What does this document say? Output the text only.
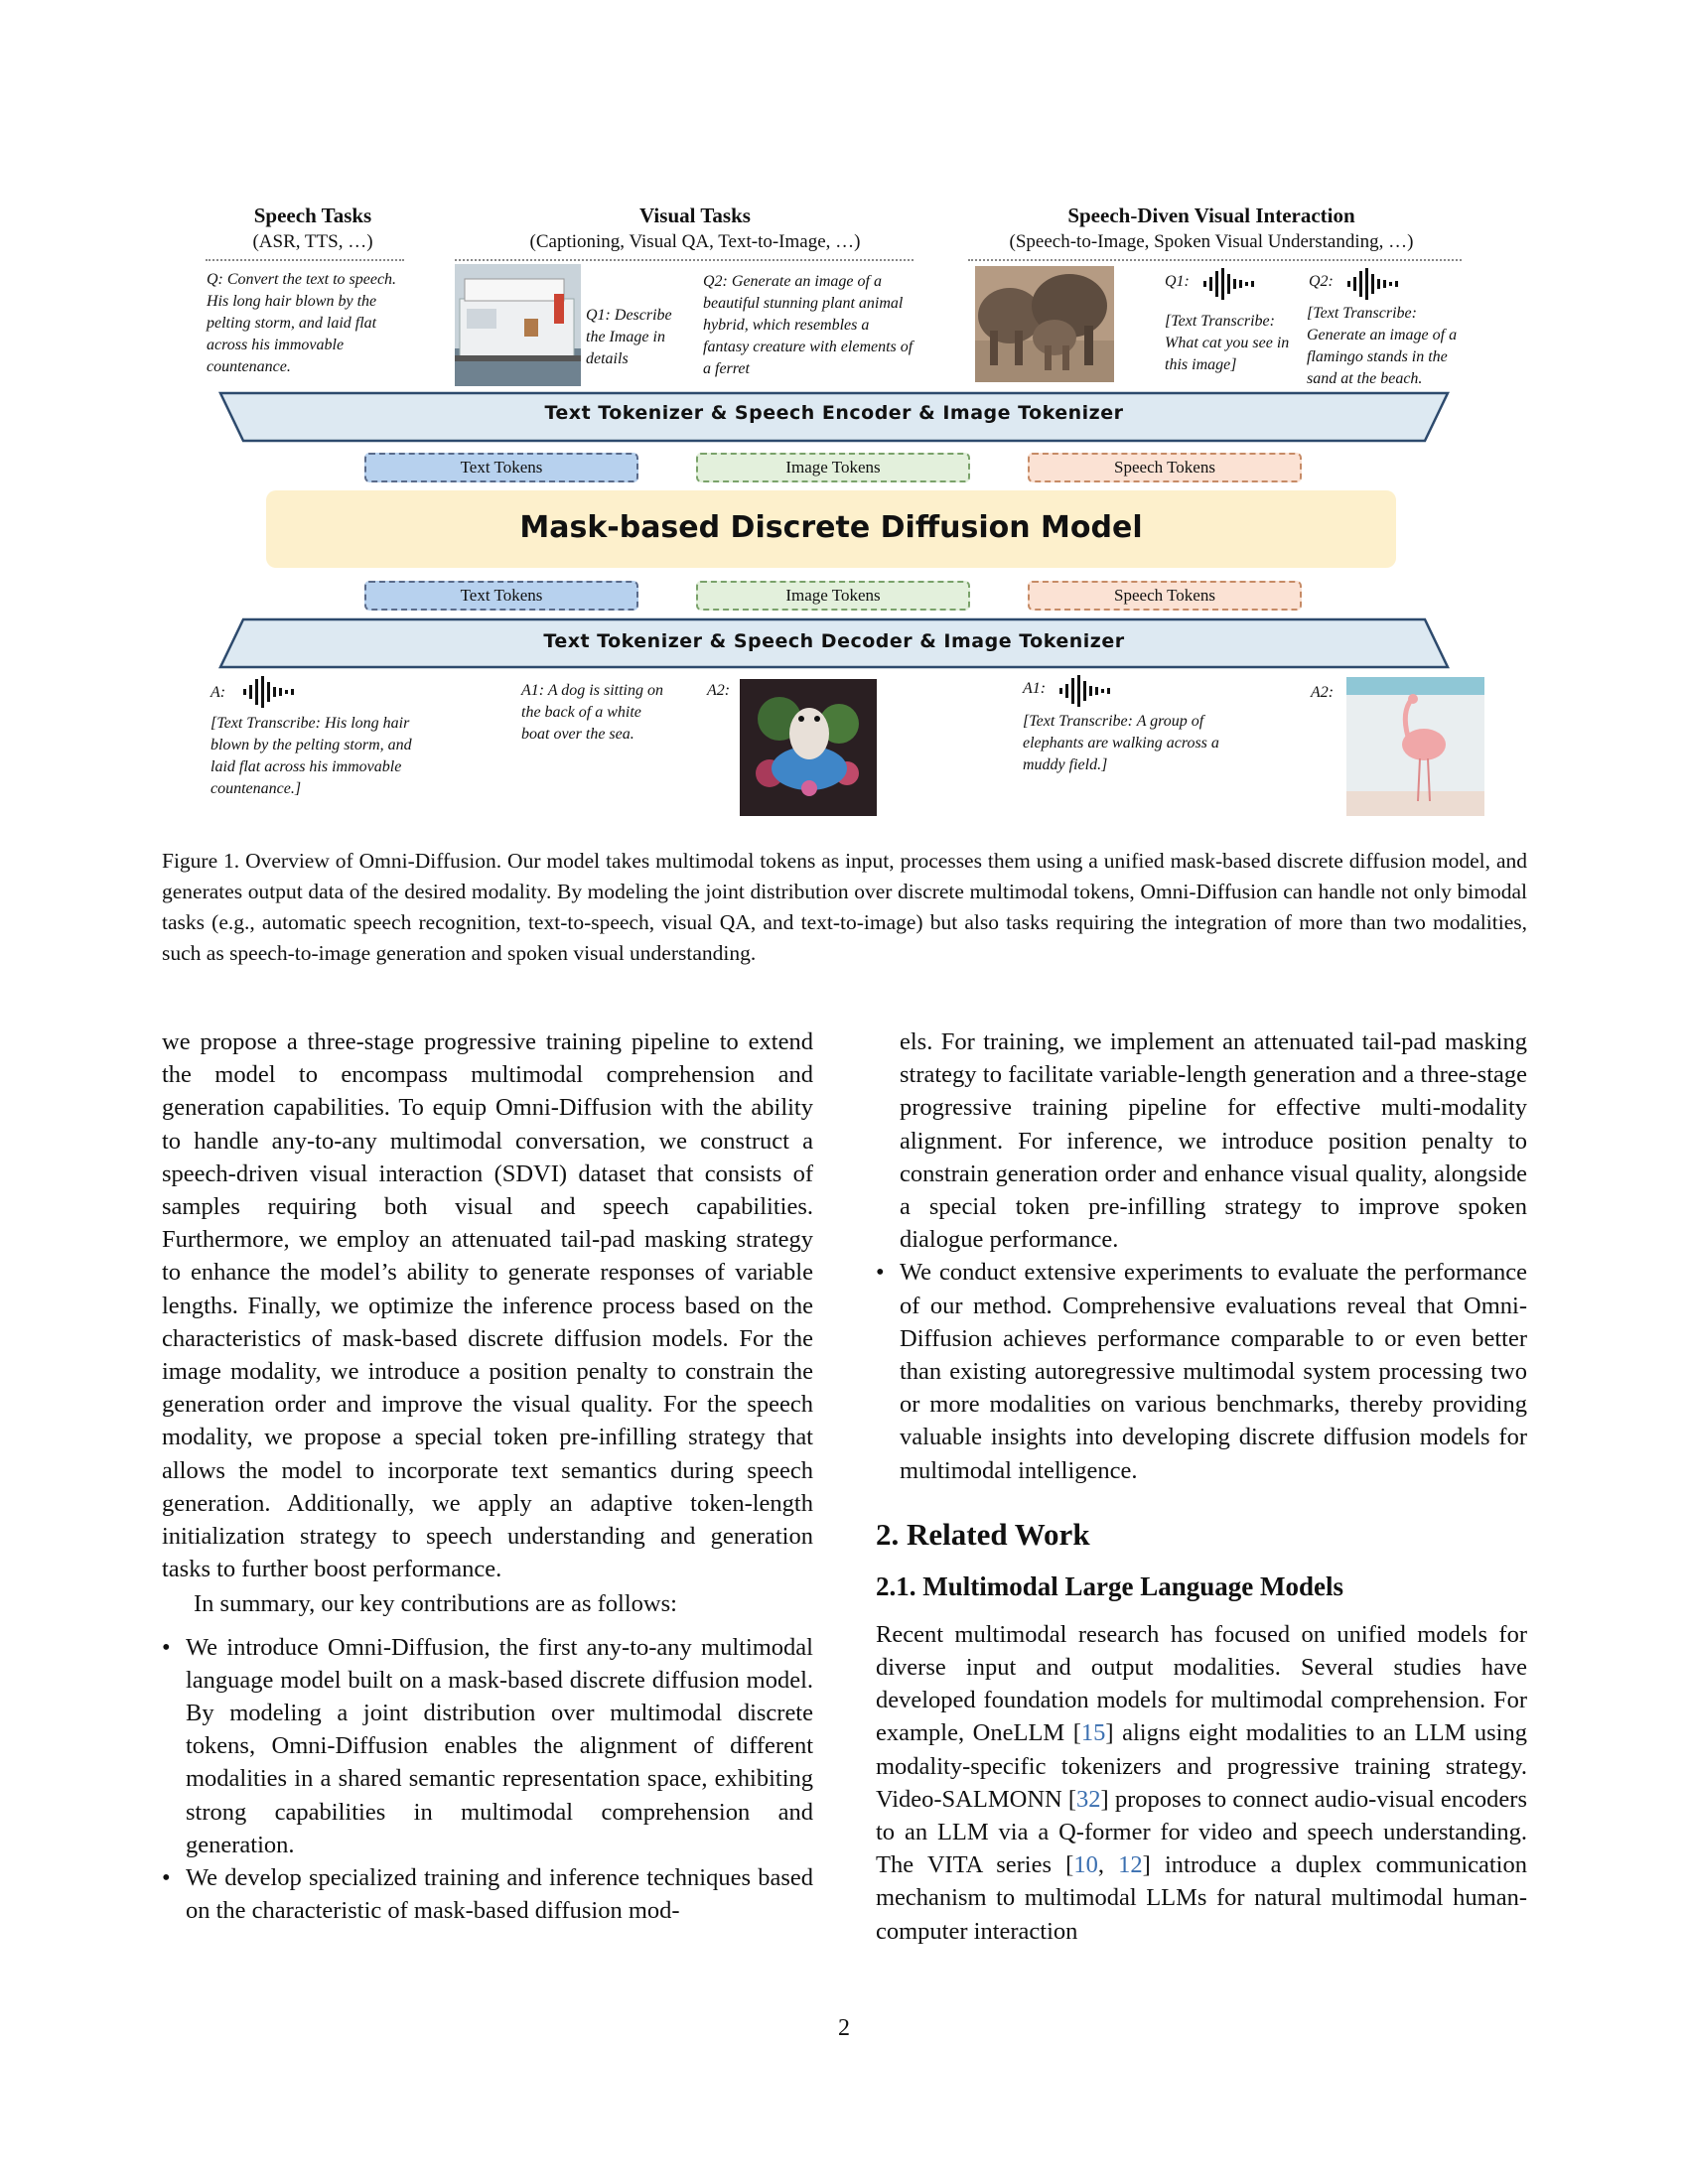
Speech Tasks
(ASR, TTS, …)
Visual Tasks
(Captioning, Visual QA, Text-to-Image, …)
Speech-Diven Visual Interaction
(Speech-to-Image, Spoken Visual Understanding, …)
Q: Convert the text to speech. His long hair blown by the pelting storm, and laid flat across his immovable countenance.
Q1: Describe the Image in details
Q2: Generate an image of a beautiful stunning plant animal hybrid, which resembles a fantasy creature with elements of a ferret
Q1:
[Text Transcribe: What cat you see in this image]
Q2:
[Text Transcribe: Generate an image of a flamingo stands in the sand at the beach.
Text Tokenizer & Speech Encoder & Image Tokenizer
Text Tokens	Image Tokens	Speech Tokens
Mask-based Discrete Diffusion Model
Text Tokens	Image Tokens	Speech Tokens
Text Tokenizer & Speech Decoder & Image Tokenizer
A:
[Text Transcribe: His long hair blown by the pelting storm, and laid flat across his immovable countenance.]
A1: A dog is sitting on the back of a white boat over the sea.
A2:	A1:
[Text Transcribe: A group of elephants are walking across a muddy field.]
A2:
Figure 1. Overview of Omni-Diffusion. Our model takes multimodal tokens as input, processes them using a unified mask-based discrete diffusion model, and generates output data of the desired modality. By modeling the joint distribution over discrete multimodal tokens, Omni-Diffusion can handle not only bimodal tasks (e.g., automatic speech recognition, text-to-speech, visual QA, and text-to-image) but also tasks requiring the integration of more than two modalities, such as speech-to-image generation and spoken visual understanding.

we propose a three-stage progressive training pipeline to extend the model to encompass multimodal comprehension and generation capabilities. To equip Omni-Diffusion with the ability to handle any-to-any multimodal conversation, we construct a speech-driven visual interaction (SDVI) dataset that consists of samples requiring both visual and speech capabilities. Furthermore, we employ an attenuated tail-pad masking strategy to enhance the model’s ability to generate responses of variable lengths. Finally, we optimize the inference process based on the characteristics of mask-based discrete diffusion models. For the image modality, we introduce a position penalty to constrain the generation order and improve the visual quality. For the speech modality, we propose a special token pre-infilling strategy that allows the model to incorporate text semantics during speech generation. Additionally, we apply an adaptive token-length initialization strategy to speech understanding and generation tasks to further boost performance.

In summary, our key contributions are as follows:

• We introduce Omni-Diffusion, the first any-to-any multimodal language model built on a mask-based discrete diffusion model. By modeling a joint distribution over multimodal discrete tokens, Omni-Diffusion enables the alignment of different modalities in a shared semantic representation space, exhibiting strong capabilities in multimodal comprehension and generation.

• We develop specialized training and inference techniques based on the characteristic of mask-based diffusion mod-

els. For training, we implement an attenuated tail-pad masking strategy to facilitate variable-length generation and a three-stage progressive training pipeline for effective multi-modality alignment. For inference, we introduce position penalty to constrain generation order and enhance visual quality, alongside a special token pre-infilling strategy to improve spoken dialogue performance.

• We conduct extensive experiments to evaluate the performance of our method. Comprehensive evaluations reveal that Omni-Diffusion achieves performance comparable to or even better than existing autoregressive multimodal system processing two or more modalities on various benchmarks, thereby providing valuable insights into developing discrete diffusion models for multimodal intelligence.

2. Related Work
2.1. Multimodal Large Language Models

Recent multimodal research has focused on unified models for diverse input and output modalities. Several studies have developed foundation models for multimodal comprehension. For example, OneLLM [15] aligns eight modalities to an LLM using modality-specific tokenizers and progressive training strategy. Video-SALMONN [32] proposes to connect audio-visual encoders to an LLM via a Q-former for video and speech understanding. The VITA series [10, 12] introduce a duplex communication mechanism to multimodal LLMs for natural multimodal human-computer interaction

2
